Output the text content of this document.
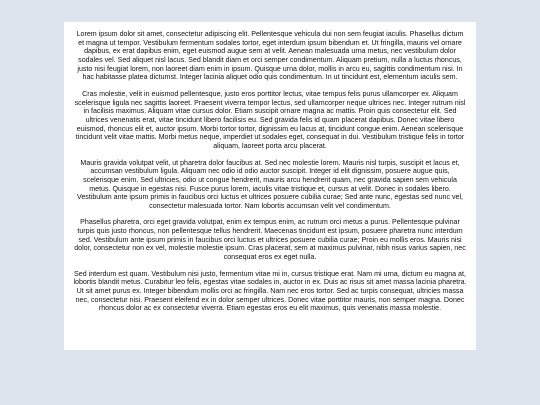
Lorem ipsum dolor sit amet, consectetur adipiscing elit. Pellentesque vehicula dui non sem feugiat iaculis. Phasellus dictum et magna ut tempor. Vestibulum fermentum sodales tortor, eget interdum ipsum bibendum et. Ut fringilla, mauris vel ornare dapibus, ex erat dapibus enim, eget euismod augue sem at velit. Aenean malesuada urna metus, nec vestibulum dolor sodales vel. Sed aliquet nisl lacus. Sed blandit diam et orci semper condimentum. Aliquam pretium, nulla a luctus rhoncus, justo nisi feugiat lorem, non laoreet diam enim in ipsum. Quisque urna dolor, mollis in arcu eu, sagittis condimentum nisi. In hac habitasse platea dictumst. Integer lacinia aliquet odio quis condimentum. In ut tincidunt est, elementum iaculis sem.

Cras molestie, velit in euismod pellentesque, justo eros porttitor lectus, vitae tempus felis purus ullamcorper ex. Aliquam scelerisque ligula nec sagittis laoreet. Praesent viverra tempor lectus, sed ullamcorper neque ultrices nec. Integer rutrum nisl in facilisis maximus. Aliquam vitae cursus dolor. Etiam suscipit ornare magna ac mattis. Proin quis consectetur elit. Sed ultrices venenatis erat, vitae tincidunt libero facilisis eu. Sed gravida felis id quam placerat dapibus. Donec vitae libero euismod, rhoncus elit et, auctor ipsum. Morbi tortor tortor, dignissim eu lacus at, tincidunt congue enim. Aenean scelerisque tincidunt velit vitae mattis. Morbi metus neque, imperdiet ut sodales eget, consequat in dui. Vestibulum tristique felis in tortor aliquam, laoreet porta arcu placerat.

Mauris gravida volutpat velit, ut pharetra dolor faucibus at. Sed nec molestie lorem. Mauris nisl turpis, suscipit et lacus et, accumsan vestibulum ligula. Aliquam nec odio id odio auctor suscipit. Integer id elit dignissim, posuere augue quis, scelerisque enim. Sed ultricies, odio ut congue hendrerit, mauris arcu hendrerit quam, nec gravida sapien sem vehicula metus. Quisque in egestas nisi. Fusce purus lorem, iaculis vitae tristique et, cursus at velit. Donec in sodales libero. Vestibulum ante ipsum primis in faucibus orci luctus et ultrices posuere cubilia curae; Sed ante nunc, egestas sed nunc vel, consectetur malesuada tortor. Nam lobortis accumsan velit vel condimentum.

Phasellus pharetra, orci eget gravida volutpat, enim ex tempus enim, ac rutrum orci metus a purus. Pellentesque pulvinar turpis quis justo rhoncus, non pellentesque tellus hendrerit. Maecenas tincidunt est ipsum, posuere pharetra nunc interdum sed. Vestibulum ante ipsum primis in faucibus orci luctus et ultrices posuere cubilia curae; Proin eu mollis eros. Mauris nisi dolor, consectetur non ex vel, molestie molestie ipsum. Cras placerat, sem at maximus pulvinar, nibh risus varius sapien, nec consequat eros ex eget nulla.

Sed interdum est quam. Vestibulum nisi justo, fermentum vitae mi in, cursus tristique erat. Nam mi urna, dictum eu magna at, lobortis blandit metus. Curabitur leo felis, egestas vitae sodales in, auctor in ex. Duis ac risus sit amet massa lacinia pharetra. Ut sit amet purus ex. Integer bibendum mollis orci ac fringilla. Nam nec eros tortor. Sed ac turpis consequat, ultricies massa nec, consectetur nisi. Praesent eleifend ex in dolor semper ultrices. Donec vitae porttitor mauris, non semper magna. Donec rhoncus dolor ac ex consectetur viverra. Etiam egestas eros eu elit maximus, quis venenatis massa molestie.
